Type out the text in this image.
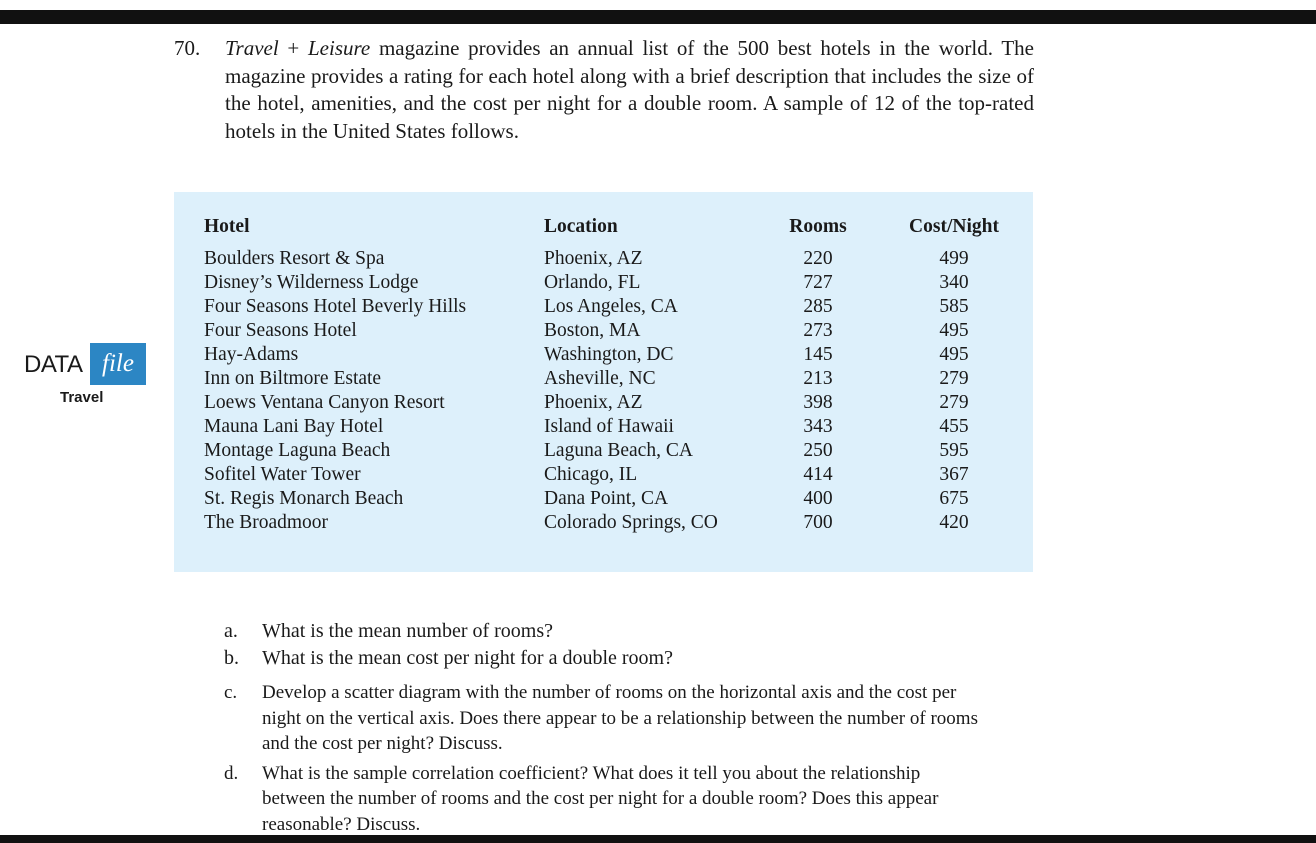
70. Travel + Leisure magazine provides an annual list of the 500 best hotels in the world. The magazine provides a rating for each hotel along with a brief description that includes the size of the hotel, amenities, and the cost per night for a double room. A sample of 12 of the top-rated hotels in the United States follows.
DATA file
Travel
Hotel	Location	Rooms	Cost/Night
Boulders Resort & Spa	Phoenix, AZ	220	499
Disney’s Wilderness Lodge	Orlando, FL	727	340
Four Seasons Hotel Beverly Hills	Los Angeles, CA	285	585
Four Seasons Hotel	Boston, MA	273	495
Hay-Adams	Washington, DC	145	495
Inn on Biltmore Estate	Asheville, NC	213	279
Loews Ventana Canyon Resort	Phoenix, AZ	398	279
Mauna Lani Bay Hotel	Island of Hawaii	343	455
Montage Laguna Beach	Laguna Beach, CA	250	595
Sofitel Water Tower	Chicago, IL	414	367
St. Regis Monarch Beach	Dana Point, CA	400	675
The Broadmoor	Colorado Springs, CO	700	420
a. What is the mean number of rooms?
b. What is the mean cost per night for a double room?
c. Develop a scatter diagram with the number of rooms on the horizontal axis and the cost per night on the vertical axis. Does there appear to be a relationship between the number of rooms and the cost per night? Discuss.
d. What is the sample correlation coefficient? What does it tell you about the relationship between the number of rooms and the cost per night for a double room? Does this appear reasonable? Discuss.
